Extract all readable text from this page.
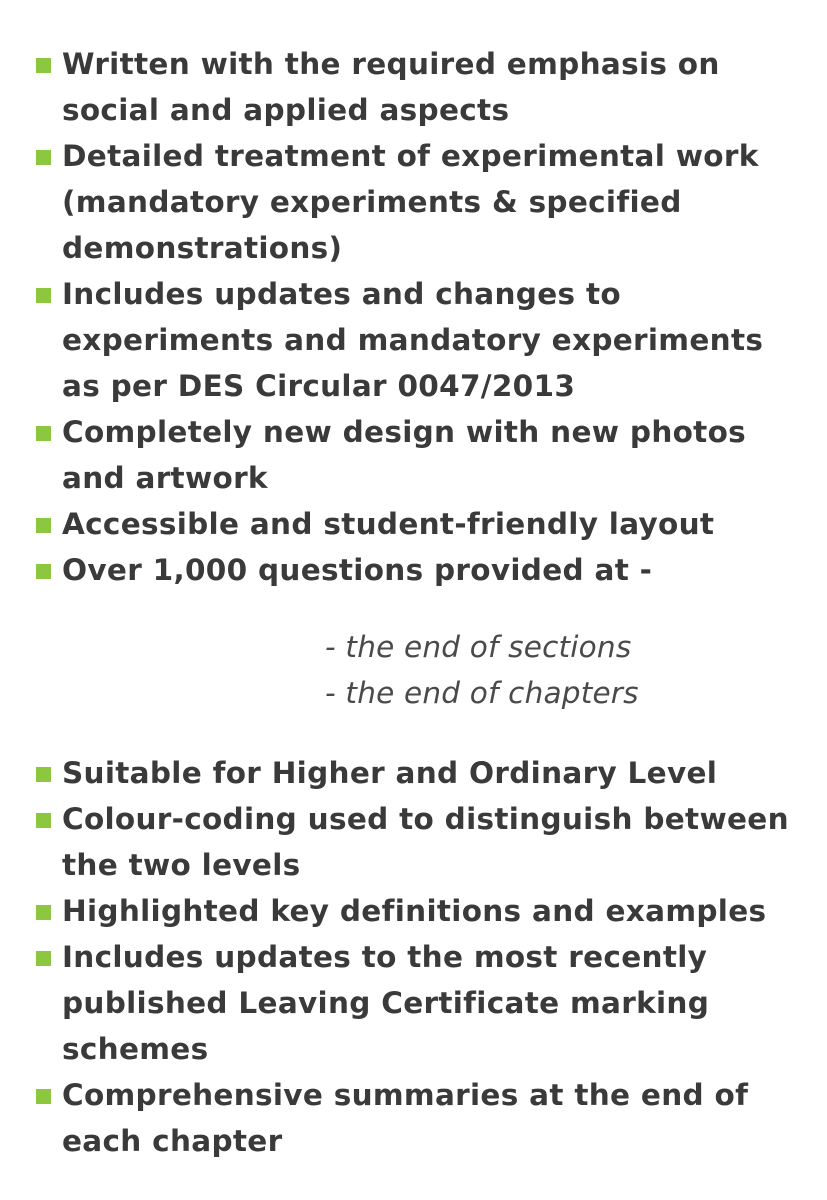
Written with the required emphasis on social and applied aspects
Detailed treatment of experimental work (mandatory experiments & specified demonstrations)
Includes updates and changes to experiments and mandatory experiments as per DES Circular 0047/2013
Completely new design with new photos and artwork
Accessible and student-friendly layout
Over 1,000 questions provided at -
- the end of sections
- the end of chapters
Suitable for Higher and Ordinary Level
Colour-coding used to distinguish between the two levels
Highlighted key definitions and examples
Includes updates to the most recently published Leaving Certificate marking schemes
Comprehensive summaries at the end of each chapter
